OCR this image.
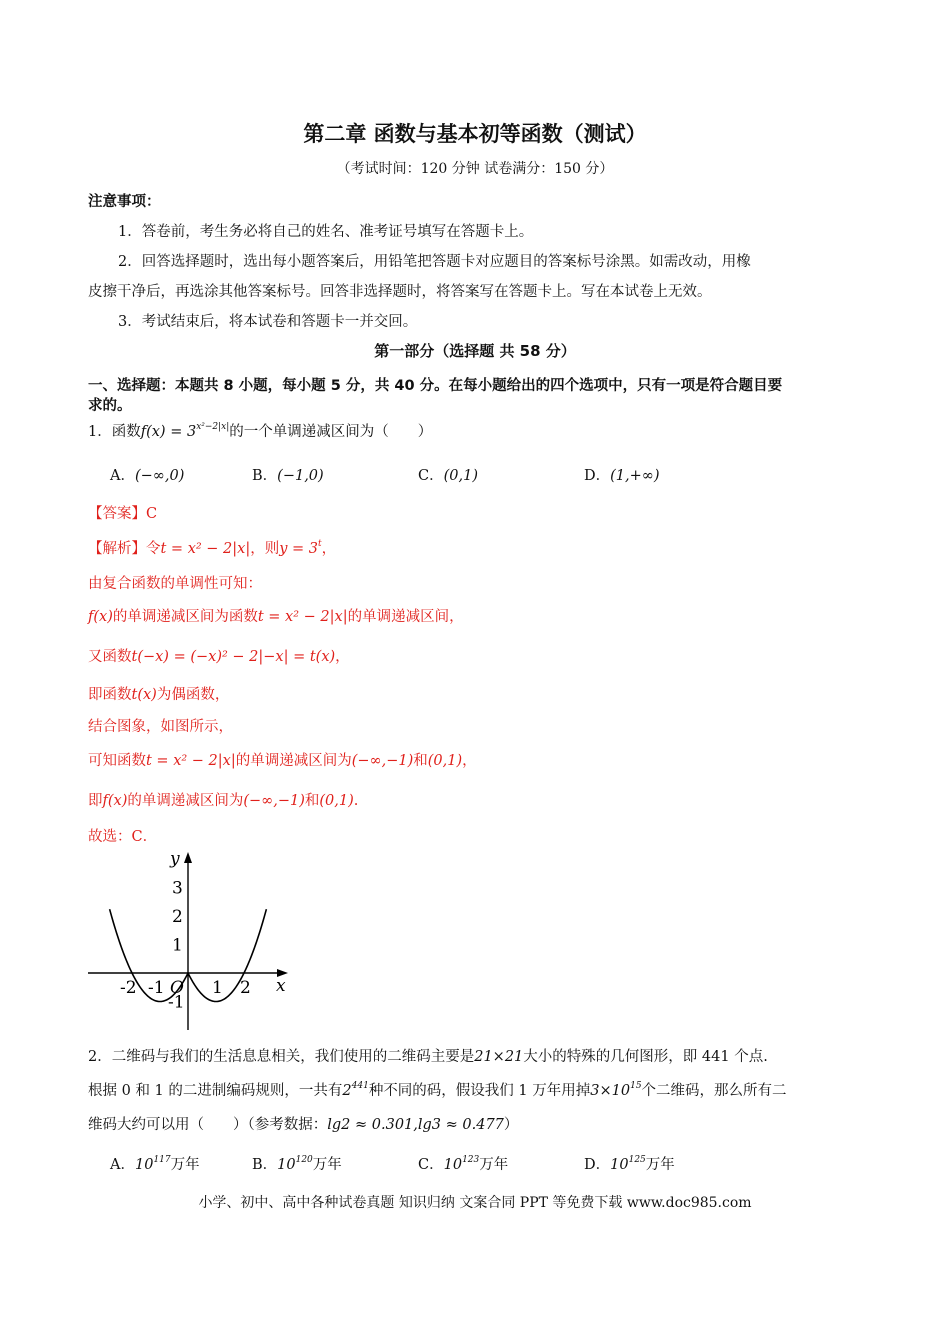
第二章 函数与基本初等函数（测试）
（考试时间：120 分钟 试卷满分：150 分）
注意事项：
1．答卷前，考生务必将自己的姓名、准考证号填写在答题卡上。
2．回答选择题时，选出每小题答案后，用铅笔把答题卡对应题目的答案标号涂黑。如需改动，用橡
皮擦干净后，再选涂其他答案标号。回答非选择题时，将答案写在答题卡上。写在本试卷上无效。
3．考试结束后，将本试卷和答题卡一并交回。
第一部分（选择题 共 58 分）
一、选择题：本题共 8 小题，每小题 5 分，共 40 分。在每小题给出的四个选项中，只有一项是符合题目要
求的。
1．函数$f(x) = 3^{x^2-2|x|}$的一个单调递减区间为（　　）
A．(−∞,0)	B．(−1,0)	C．(0,1)	D．(1,+∞)
【答案】C
【解析】令t = x² − 2|x|，则$y = 3^t$，
由复合函数的单调性可知：
f(x)的单调递减区间为函数t = x² − 2|x|的单调递减区间，
又函数t(−x) = (−x)² − 2|−x| = t(x)，
即函数t(x)为偶函数，
结合图象，如图所示，
可知函数t = x² − 2|x|的单调递减区间为(−∞,−1)和(0,1)，
即f(x)的单调递减区间为(−∞,−1)和(0,1).
故选：C．
-2 -1	1 2
3
2
1
-1
x
y
O
2．二维码与我们的生活息息相关，我们使用的二维码主要是21×21大小的特殊的几何图形，即 441 个点.
根据 0 和 1 的二进制编码规则，一共有$2^{441}$种不同的码，假设我们 1 万年用掉$3\times 10^{15}$个二维码，那么所有二
维码大约可以用（　　）（参考数据：lg2 ≈ 0.301,lg3 ≈ 0.477）
A．$10^{117}$万年	B．$10^{120}$万年	C．$10^{123}$万年	D．$10^{125}$万年
小学、初中、高中各种试卷真题 知识归纳 文案合同 PPT 等免费下载 www.doc985.com
